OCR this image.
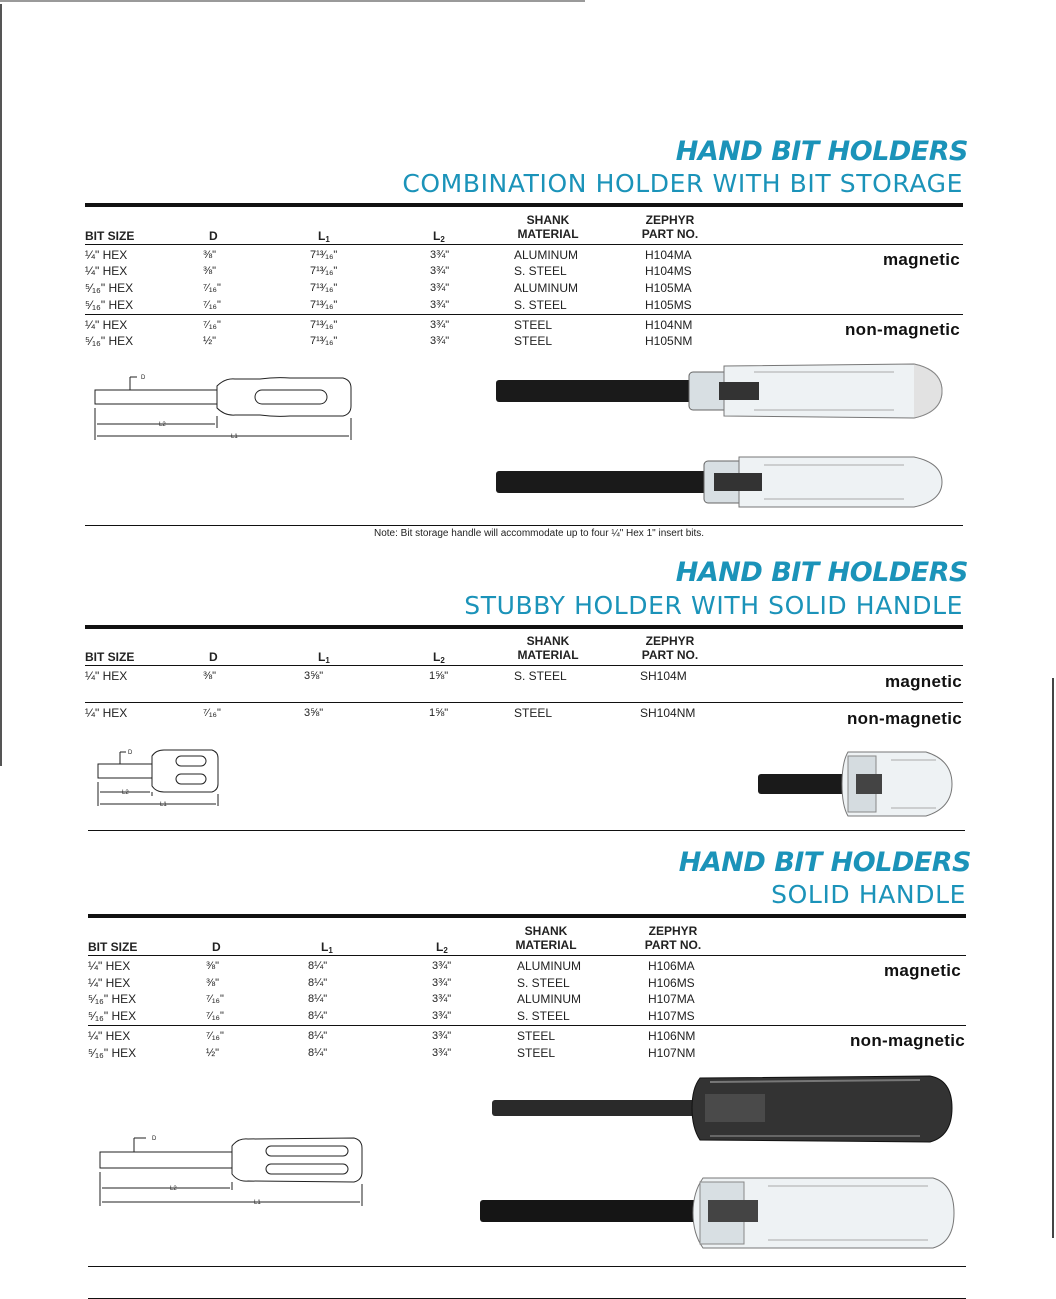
HAND BIT HOLDERS
COMBINATION HOLDER WITH BIT STORAGE
BIT SIZE	D	$L_1$	$L_2$
SHANK
MATERIAL
ZEPHYR
PART NO.
magnetic
¼" HEX	⅜"	7¹³⁄₁₆"	3¾"	ALUMINUM	H104MA
¼" HEX	⅜"	7¹³⁄₁₆"	3¾"	S. STEEL	H104MS
⁵⁄₁₆" HEX	⁷⁄₁₆"	7¹³⁄₁₆"	3¾"	ALUMINUM	H105MA
⁵⁄₁₆" HEX	⁷⁄₁₆"	7¹³⁄₁₆"	3¾"	S. STEEL	H105MS
non-magnetic
¼" HEX	⁷⁄₁₆"	7¹³⁄₁₆"	3¾"	STEEL	H104NM
⁵⁄₁₆" HEX	½"	7¹³⁄₁₆"	3¾"	STEEL	H105NM
D
L2
L1
Note: Bit storage handle will accommodate up to four ¼" Hex 1" insert bits.
HAND BIT HOLDERS
STUBBY HOLDER WITH SOLID HANDLE
BIT SIZE	D	$L_1$	$L_2$
SHANK
MATERIAL
ZEPHYR
PART NO.
magnetic
¼" HEX	⅜"	3⅝"	1⅝"	S. STEEL	SH104M
non-magnetic
¼" HEX	⁷⁄₁₆"	3⅝"	1⅝"	STEEL	SH104NM
D
L2
L1
HAND BIT HOLDERS
SOLID HANDLE
BIT SIZE	D	$L_1$	$L_2$
SHANK
MATERIAL
ZEPHYR
PART NO.
magnetic
¼" HEX	⅜"	8¼"	3¾"	ALUMINUM	H106MA
¼" HEX	⅜"	8¼"	3¾"	S. STEEL	H106MS
⁵⁄₁₆" HEX	⁷⁄₁₆"	8¼"	3¾"	ALUMINUM	H107MA
⁵⁄₁₆" HEX	⁷⁄₁₆"	8¼"	3¾"	S. STEEL	H107MS
non-magnetic
¼" HEX	⁷⁄₁₆"	8¼"	3¾"	STEEL	H106NM
⁵⁄₁₆" HEX	½"	8¼"	3¾"	STEEL	H107NM
D
L2
L1
